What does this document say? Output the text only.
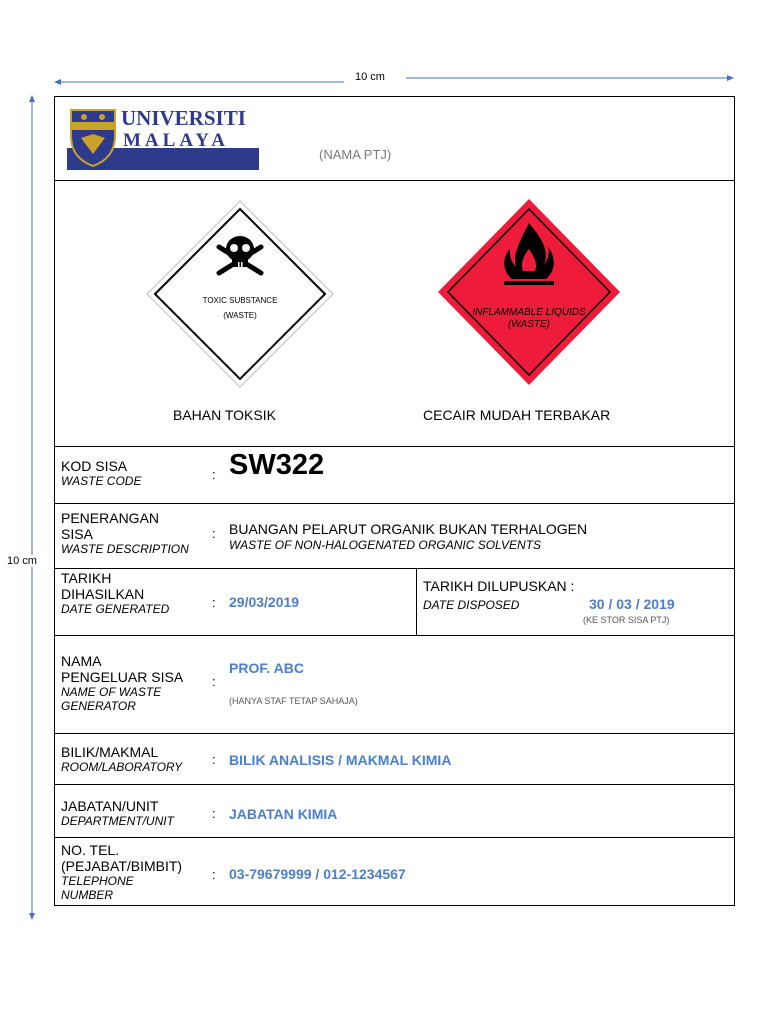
10 cm
10 cm
UNIVERSITI
MALAYA
(NAMA PTJ)
TOXIC SUBSTANCE
(WASTE)	INFLAMMABLE LIQUIDS
(WASTE)
BAHAN TOKSIK	CECAIR MUDAH TERBAKAR
KOD SISA
WASTE CODE	: SW322
PENERANGAN
SISA
WASTE DESCRIPTION
: BUANGAN PELARUT ORGANIK BUKAN TERHALOGEN
WASTE OF NON-HALOGENATED ORGANIC SOLVENTS
TARIKH
DIHASILKAN
DATE GENERATED	: 29/03/2019
TARIKH DILUPUSKAN :
DATE DISPOSED	30 / 03 / 2019
(KE STOR SISA PTJ)
NAMA
PENGELUAR SISA
NAME OF WASTE
GENERATOR
:
PROF. ABC
(HANYA STAF TETAP SAHAJA)
BILIK/MAKMAL
ROOM/LABORATORY : BILIK ANALISIS / MAKMAL KIMIA
JABATAN/UNIT
DEPARTMENT/UNIT	: JABATAN KIMIA
NO. TEL.
(PEJABAT/BIMBIT)
TELEPHONE
NUMBER
: 03-79679999 / 012-1234567
